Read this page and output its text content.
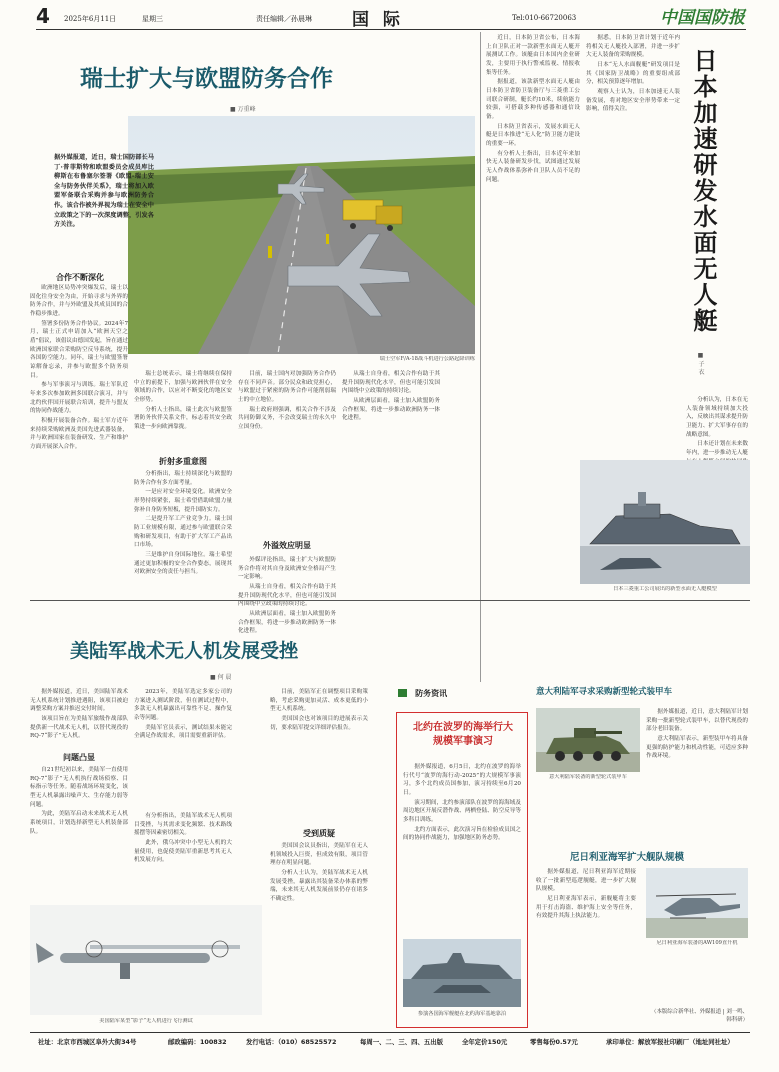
4 2025年6月11日	星期三	责任编辑／孙晨琳 国 际	Tel:010-66720063	中国国防报
瑞士扩大与欧盟防务合作
■ 万重峰
瑞士空军F/A-18战斗机进行公路起降训练
据外媒报道，近日，瑞士国防部长马丁·普菲斯特和欧盟委员会成员库比柳斯在布鲁塞尔签署《欧盟-瑞士安全与防务伙伴关系》，瑞士将加入欧盟军备联合采购并参与欧洲防务合作。该合作被外界视为瑞士在安全中立政策之下的一次深度调整，引发各方关注。
合作不断深化

欧洲地区局势冲突爆发后，瑞士以固化往身安全为由，开始寻求与外界的防务合作，并与外欧盟及其成员国的合作稳步推进。

签署多份防务合作协议。2024年7月，瑞士正式申请加入“欧洲天空之盾”倡议，该倡议由德国发起，旨在通过欧洲国家联合采购防空反导系统，提升各国防空能力。同年，瑞士与欧盟签署谅解备忘录，并参与欧盟多个防务项目。

参与军事演习与训练。瑞士军队近年来多次参加欧洲多国联合演习，并与北约伙伴国开展联合培训，提升与盟友的协同作战能力。

积极开展装备合作。瑞士军方近年来持续采购欧洲及美国先进武器装备，并与欧洲国家在装备研发、生产和维护方面开展深入合作。

瑞士总统表示，瑞士将继续在保持中立的前提下，加强与欧洲伙伴在安全领域的合作，以应对不断变化的地区安全形势。

分析人士指出，瑞士此次与欧盟签署防务伙伴关系文件，标志着其安全政策进一步向欧洲靠拢。

折射多重意图

分析指出，瑞士持续深化与欧盟的防务合作有多方面考量。

一是应对安全环境变化。欧洲安全形势持续紧张，瑞士希望借助欧盟力量弥补自身防务短板，提升国防实力。

二是提升军工产业竞争力。瑞士国防工业规模有限，通过参与欧盟联合采购和研发项目，有助于扩大军工产品出口市场。

三是维护自身国际地位。瑞士希望通过更加积极的安全合作姿态，展现其对欧洲安全的责任与担当。

目前，瑞士国内对加强防务合作仍存在不同声音。部分民众和政党担心，与欧盟过于紧密的防务合作可能削弱瑞士的中立地位。

瑞士政府则强调，相关合作不涉及共同防御义务，不会改变瑞士的永久中立国身份。

外溢效应明显

外媒评论指出，瑞士扩大与欧盟防务合作将对其自身及欧洲安全格局产生一定影响。

从瑞士自身看，相关合作有助于其提升国防现代化水平，但也可能引发国内围绕中立政策的持续讨论。

从欧洲层面看，瑞士加入欧盟防务合作框架，将进一步推动欧洲防务一体化进程。

从瑞士自身看，相关合作有助于其提升国防现代化水平，但也可能引发国内围绕中立政策的持续讨论。

从欧洲层面看，瑞士加入欧盟防务合作框架，将进一步推动欧洲防务一体化进程。

日本加速研发水面无人艇
■ 子 衣

近日，日本防卫省公布，日本海上自卫队正对一款新型水面无人艇开展测试工作。该艇由日本国内企业研发，主要用于执行警戒监视、情报收集等任务。

据报道，该款新型水面无人艇由日本防卫省防卫装备厅与三菱重工公司联合研制，艇长约10米，续航能力较强，可搭载多种传感器和通信设备。

日本防卫省表示，发展水面无人艇是日本推进“无人化”防卫能力建设的重要一环。

有分析人士指出，日本近年来加快无人装备研发步伐，试图通过发展无人作战体系弥补自卫队人员不足的问题。

据悉，日本防卫省计划于近年内将相关无人艇投入部署，并进一步扩大无人装备的采购规模。

日本“无人水面舰艇”研发项目是其《国家防卫战略》的重要组成部分，相关预算逐年增加。

观察人士认为，日本加速无人装备发展，将对地区安全形势带来一定影响，值得关注。

分析认为，日本在无人装备领域持续加大投入，反映出其谋求提升防卫能力、扩大军事存在的战略意图。

日本还计划在未来数年内，进一步推动无人艇

日本三菱重工公司展出的新型水面无人艇模型
美陆军战术无人机发展受挫
■ 何 晨

据外媒报道，近日，美国陆军战术无人机系统计划推进遇阻，该项目被迫调整采购方案并推迟交付时间。

该项目旨在为美陆军旅级作战部队提供新一代战术无人机，以替代现役的RQ-7“影子”无人机。

问题凸显

自21世纪初以来，美陆军一直使用RQ-7“影子”无人机执行战场侦察、目标指示等任务。随着战场环境变化，该型无人机暴露出噪声大、生存能力弱等问题。

为此，美陆军启动未来战术无人机系统项目，计划选择新型无人机装备部队。

美国陆军某型“影子”无人机进行飞行测试

2023年，美陆军选定多家公司的方案进入测试阶段，但在测试过程中，多款无人机暴露出可靠性不足、操作复杂等问题。

美陆军官员表示，测试结果未能完全满足作战需求，项目需要重新评估。

有分析指出，美陆军战术无人机项目受挫，与其需求变化频繁、技术路线摇摆等因素密切相关。

此外，俄乌冲突中小型无人机的大量使用，也促使美陆军重新思考其无人机发展方向。

目前，美陆军正在调整项目采购策略，考虑采购更加灵活、成本更低的小型无人机系统。

美国国会也对该项目的进展表示关切，要求陆军提交详细评估报告。

受到质疑

美国国会议员指出，美陆军在无人机领域投入巨资，但成效有限，项目管理存在明显问题。

分析人士认为，美陆军战术无人机发展受挫，暴露出其装备采办体系的弊端，未来其无人机发展前景仍存在诸多不确定性。

防务资讯
北约在波罗的海举行大规模军事演习

据外媒报道，6月5日，北约在波罗的海举行代号“波罗的海行动-2025”的大规模军事演习，多个北约成员国参加，演习持续至6月20日。

演习期间，北约参演部队在波罗的海海域及周边地区开展反潜作战、两栖登陆、防空反导等多科目训练。

北约方面表示，此次演习旨在检验成员国之间的协同作战能力，加强地区防务态势。

参演各国海军舰艇在北约海军基地靠泊
意大利陆军寻求采购新型轮式装甲车
意大利陆军装备的新型轮式装甲车

据外媒报道，近日，意大利陆军计划采购一批新型轮式装甲车，以替代现役的部分老旧装备。

意大利陆军表示，新型装甲车将具备更强的防护能力和机动性能，可适应多种作战环境。

尼日利亚海军扩大舰队规模

据外媒报道，尼日利亚海军近期接收了一批新型巡逻舰艇，进一步扩大舰队规模。

尼日利亚海军表示，新舰艇将主要用于打击海盗、维护海上安全等任务，有效提升其海上执法能力。

尼日利亚海军装备的AW109直升机
（本版综合新华社、外媒报道 | 刘一鸣、韩科研）
社址：北京市西城区阜外大街34号	邮政编码：100832	发行电话：（010）68525572	每周一、二、三、四、五出版	全年定价150元	零售每份0.57元	承印单位：解放军报社印刷厂（地址同社址）
